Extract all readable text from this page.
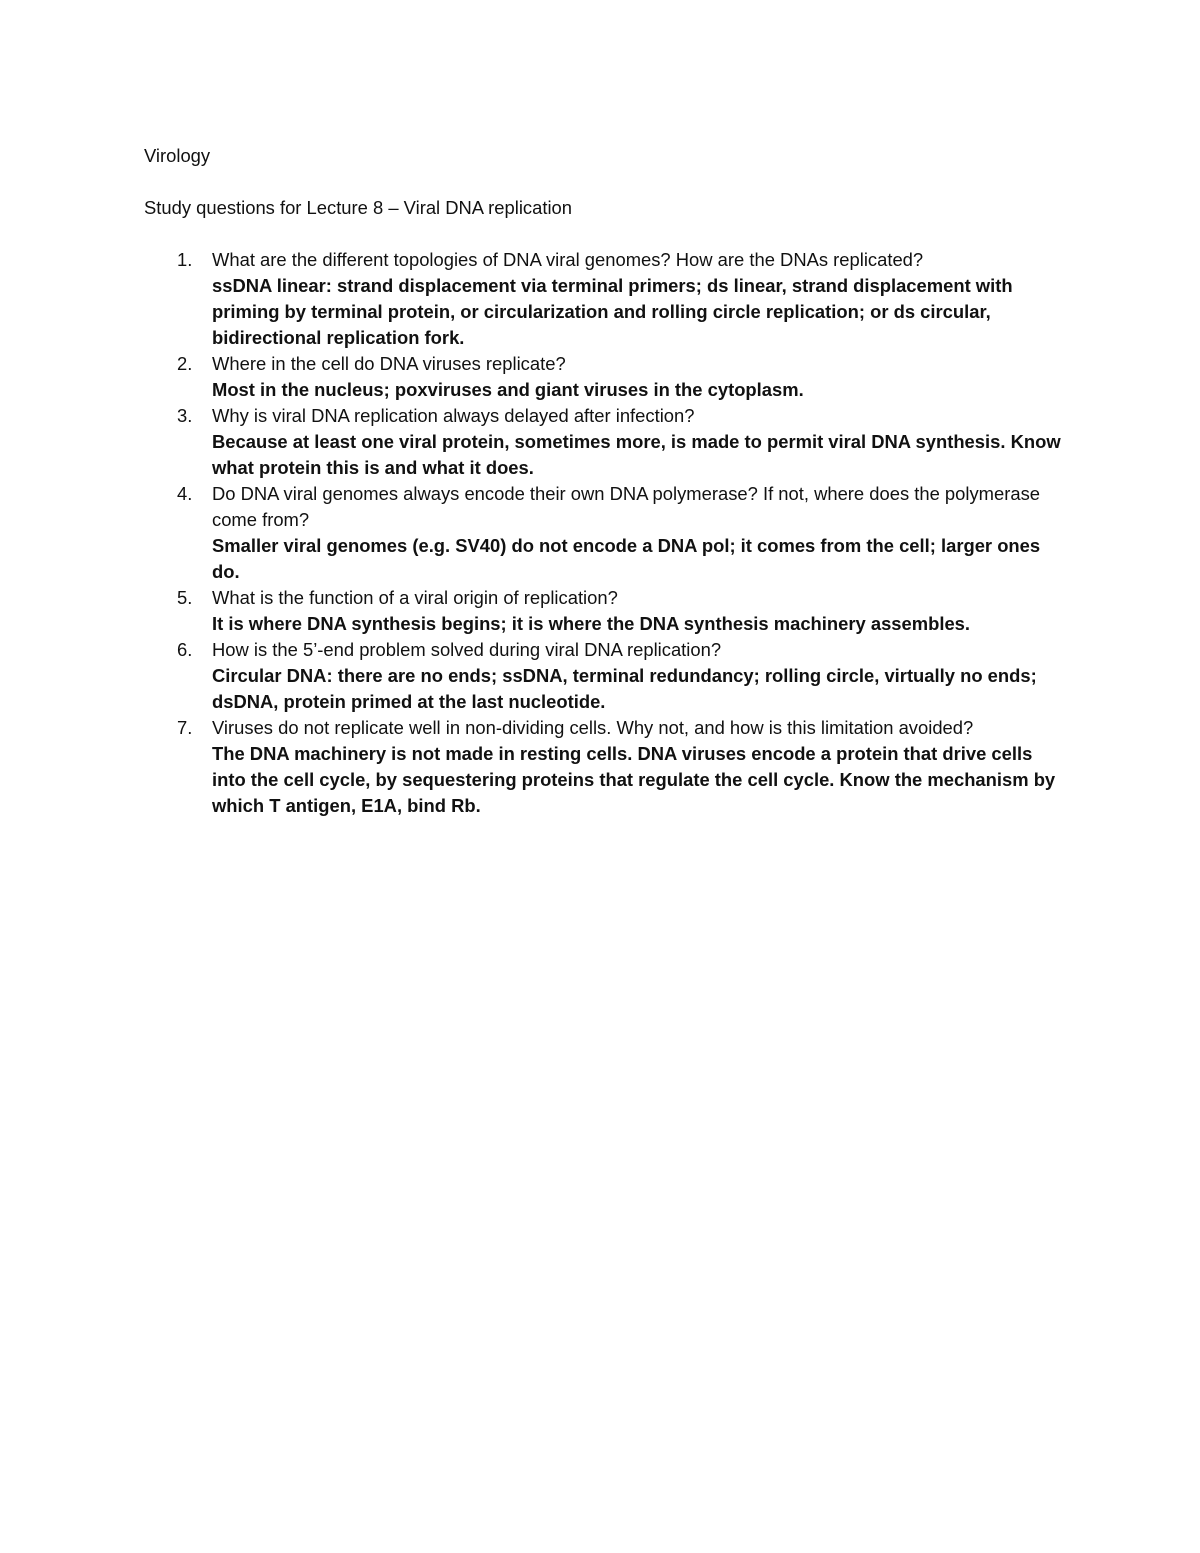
Virology

Study questions for Lecture 8 – Viral DNA replication

1. What are the different topologies of DNA viral genomes? How are the DNAs replicated?
ssDNA linear: strand displacement via terminal primers; ds linear, strand displacement with priming by terminal protein, or circularization and rolling circle replication; or ds circular, bidirectional replication fork.
2. Where in the cell do DNA viruses replicate?
Most in the nucleus; poxviruses and giant viruses in the cytoplasm.
3. Why is viral DNA replication always delayed after infection?
Because at least one viral protein, sometimes more, is made to permit viral DNA synthesis. Know what protein this is and what it does.
4. Do DNA viral genomes always encode their own DNA polymerase? If not, where does the polymerase come from?
Smaller viral genomes (e.g. SV40) do not encode a DNA pol; it comes from the cell; larger ones do.
5. What is the function of a viral origin of replication?
It is where DNA synthesis begins; it is where the DNA synthesis machinery assembles.
6. How is the 5’-end problem solved during viral DNA replication?
Circular DNA: there are no ends; ssDNA, terminal redundancy; rolling circle, virtually no ends; dsDNA, protein primed at the last nucleotide.
7. Viruses do not replicate well in non-dividing cells. Why not, and how is this limitation avoided?
The DNA machinery is not made in resting cells. DNA viruses encode a protein that drive cells into the cell cycle, by sequestering proteins that regulate the cell cycle. Know the mechanism by which T antigen, E1A, bind Rb.
